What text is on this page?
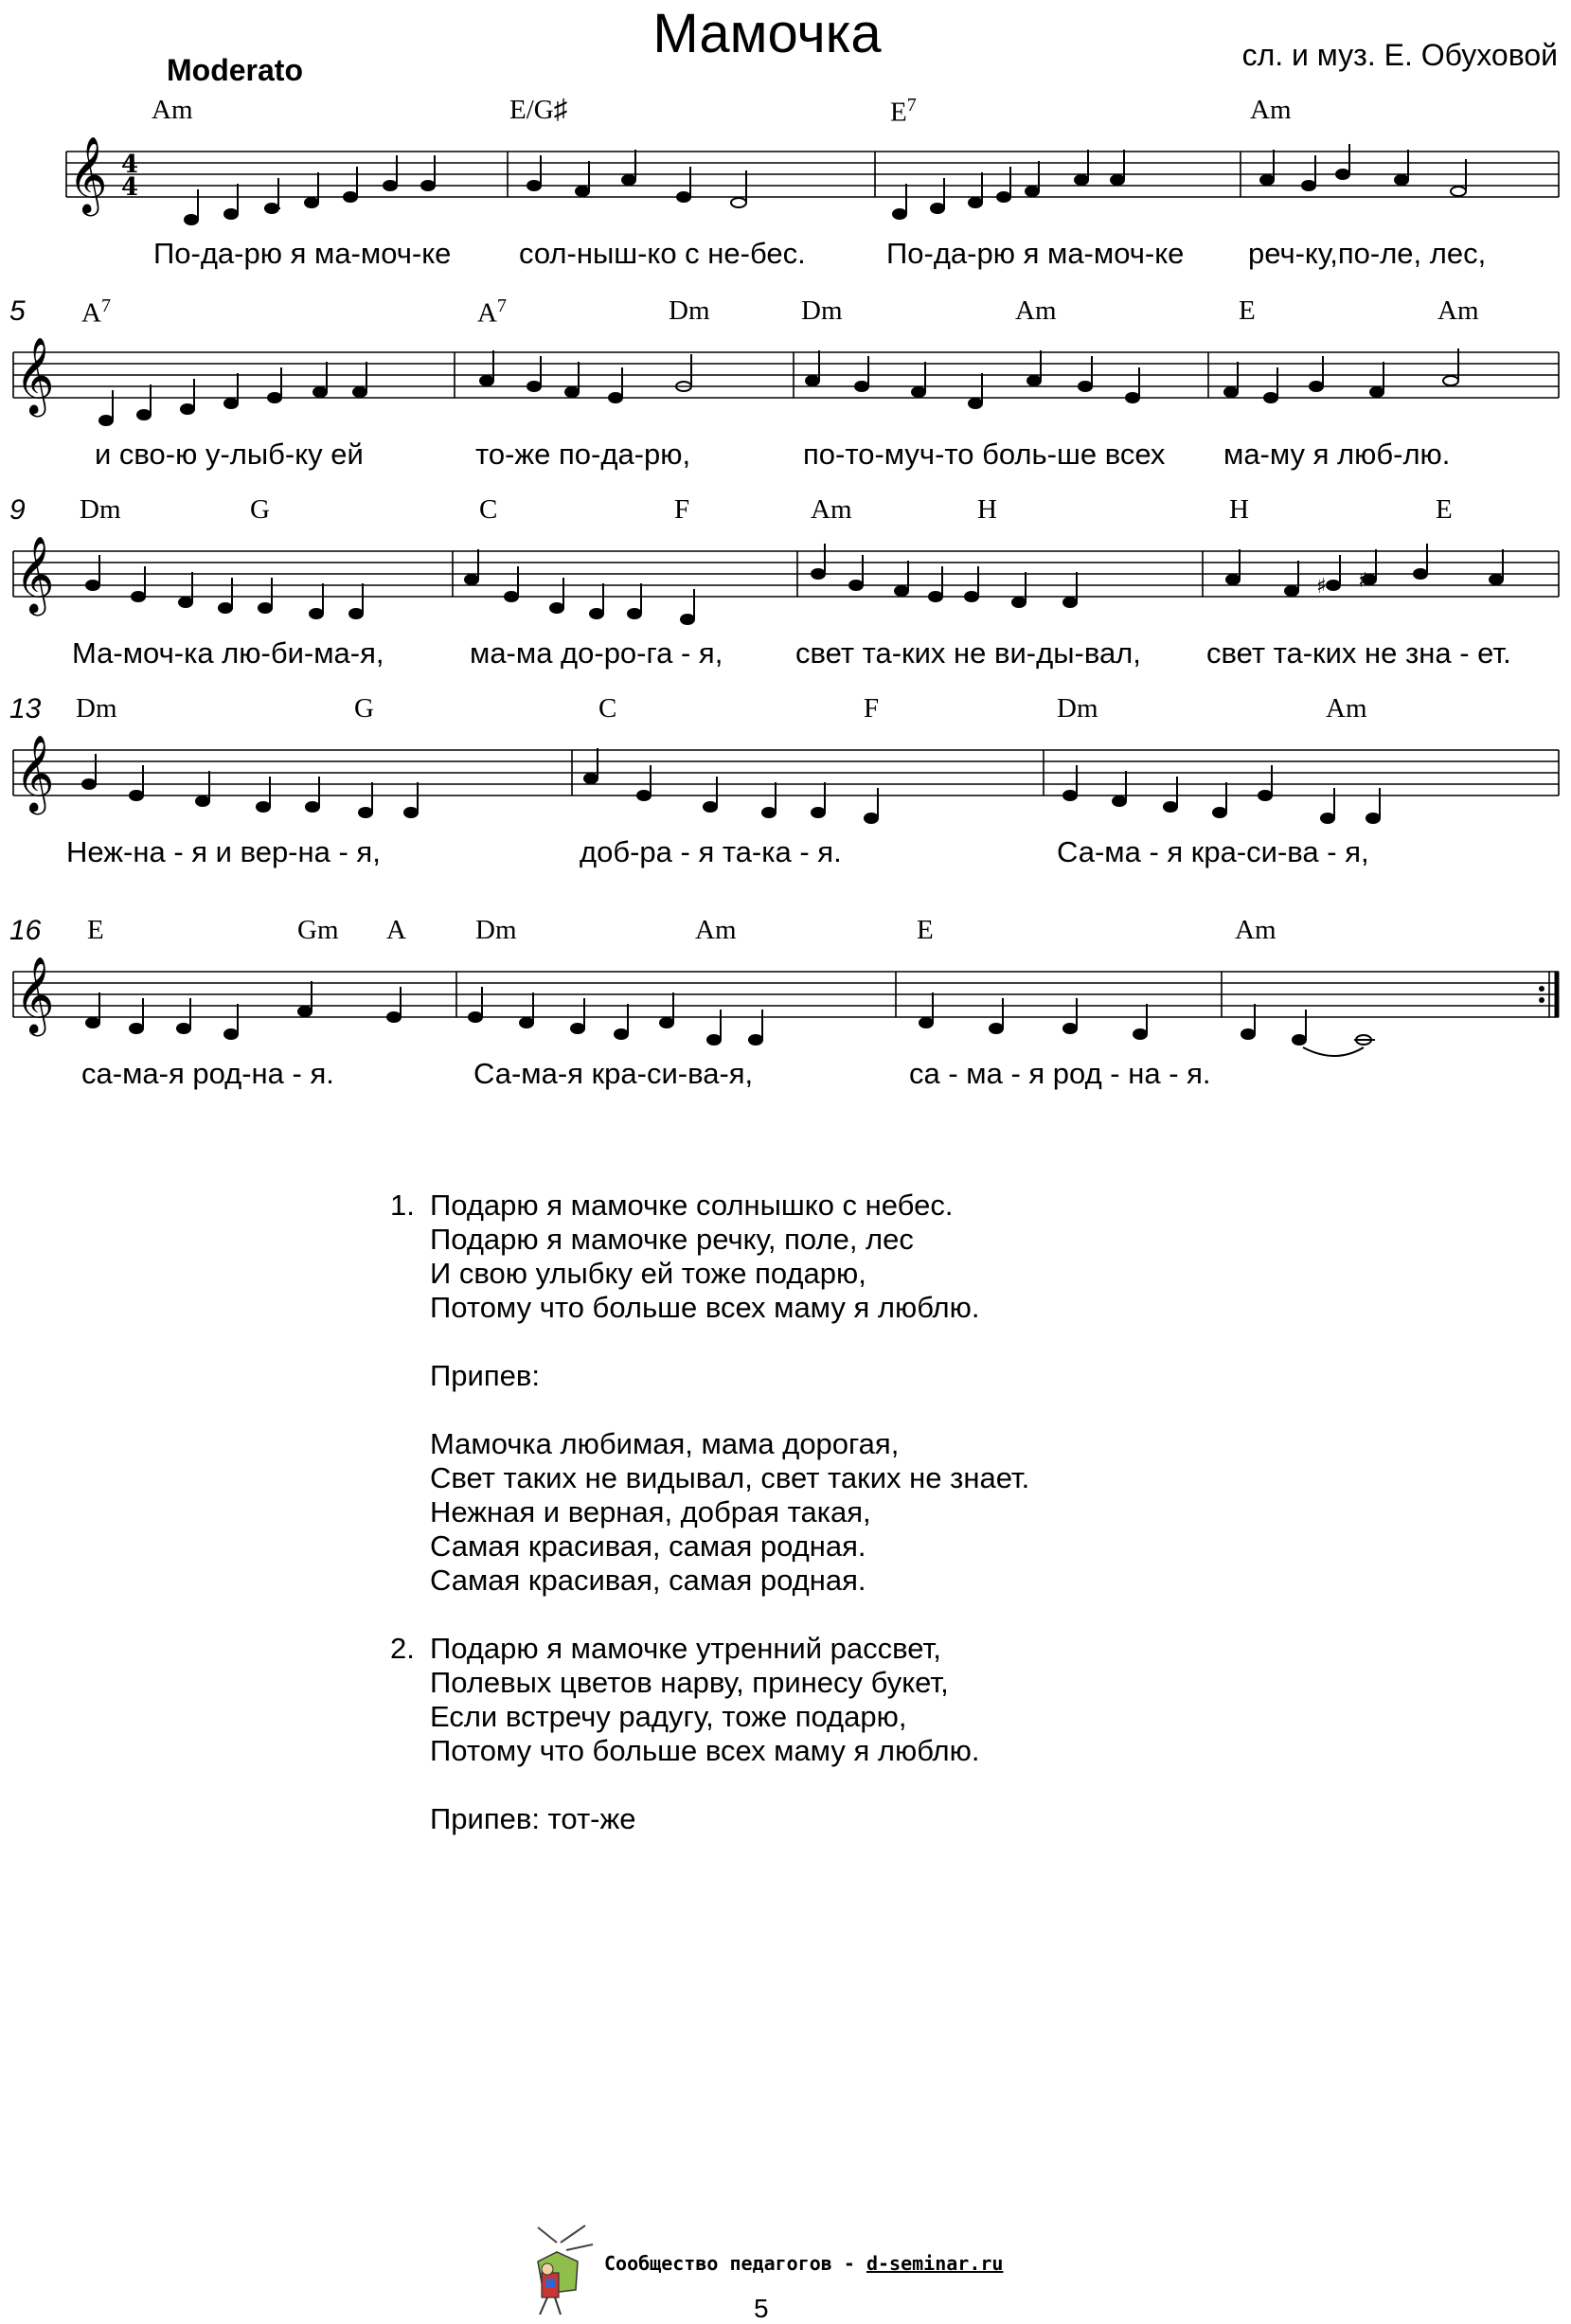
Мамочка	сл. и муз. Е. Обуховой
Moderato
Am	E/G♯	$E^7$	Am
𝄞 4
4
По-да-рю я ма-моч-ке сол-ныш-ко с не-бес.	По-да-рю я ма-моч-ке реч-ку,по-ле, лес,
5 $A^7$	$A^7$	Dm	Dm	Am	E	Am
𝄞
и сво-ю у-лыб-ку ей	то-же по-да-рю,	по-то-муч-то боль-ше всех ма-му я люб-лю.
9 Dm	G	C	F	Am	H	H	E
𝄞	♯ ♯
Ма-моч-ка лю-би-ма-я,	ма-ма до-ро-га - я, свет та-ких не ви-ды-вал, свет та-ких не зна - ет.
13 Dm	G	C	F	Dm	Am
𝄞
Неж-на - я и вер-на - я,	доб-ра - я та-ка - я.	Са-ма - я кра-си-ва - я,
16 E	Gm A	Dm	Am	E	Am
𝄞
са-ма-я род-на - я.	Са-ма-я кра-си-ва-я,	са - ма - я род - на - я.
1. Подарю я мамочке солнышко с небес.
Подарю я мамочке речку, поле, лес
И свою улыбку ей тоже подарю,
Потому что больше всех маму я люблю.
Припев:
Мамочка любимая, мама дорогая,
Свет таких не видывал, свет таких не знает.
Нежная и верная, добрая такая,
Самая красивая, самая родная.
Самая красивая, самая родная.
2. Подарю я мамочке утренний рассвет,
Полевых цветов нарву, принесу букет,
Если встречу радугу, тоже подарю,
Потому что больше всех маму я люблю.
Припев: тот-же
Сообщество педагогов - d-seminar.ru
5
